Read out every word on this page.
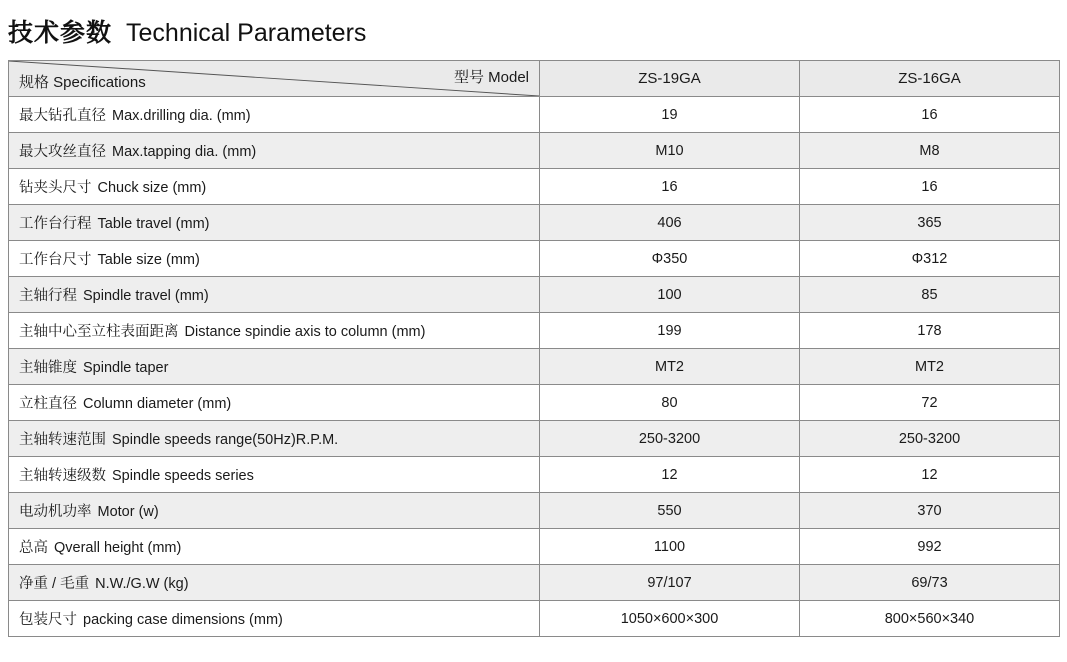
技术参数 Technical Parameters
规格 Specifications 型号 Model	ZS-19GA	ZS-16GA
最大钻孔直径 Max.drilling dia. (mm)	19	16
最大攻丝直径 Max.tapping dia. (mm)	M10	M8
钻夹头尺寸 Chuck size (mm)	16	16
工作台行程 Table travel (mm)	406	365
工作台尺寸 Table size (mm)	Φ350	Φ312
主轴行程 Spindle travel (mm)	100	85
主轴中心至立柱表面距离 Distance spindie axis to column (mm)	199	178
主轴锥度 Spindle taper	MT2	MT2
立柱直径 Column diameter (mm)	80	72
主轴转速范围 Spindle speeds range(50Hz)R.P.M.	250-3200	250-3200
主轴转速级数 Spindle speeds series	12	12
电动机功率 Motor (w)	550	370
总高 Qverall height (mm)	1100	992
净重 / 毛重 N.W./G.W (kg)	97/107	69/73
包装尺寸 packing case dimensions (mm)	1050×600×300	800×560×340
